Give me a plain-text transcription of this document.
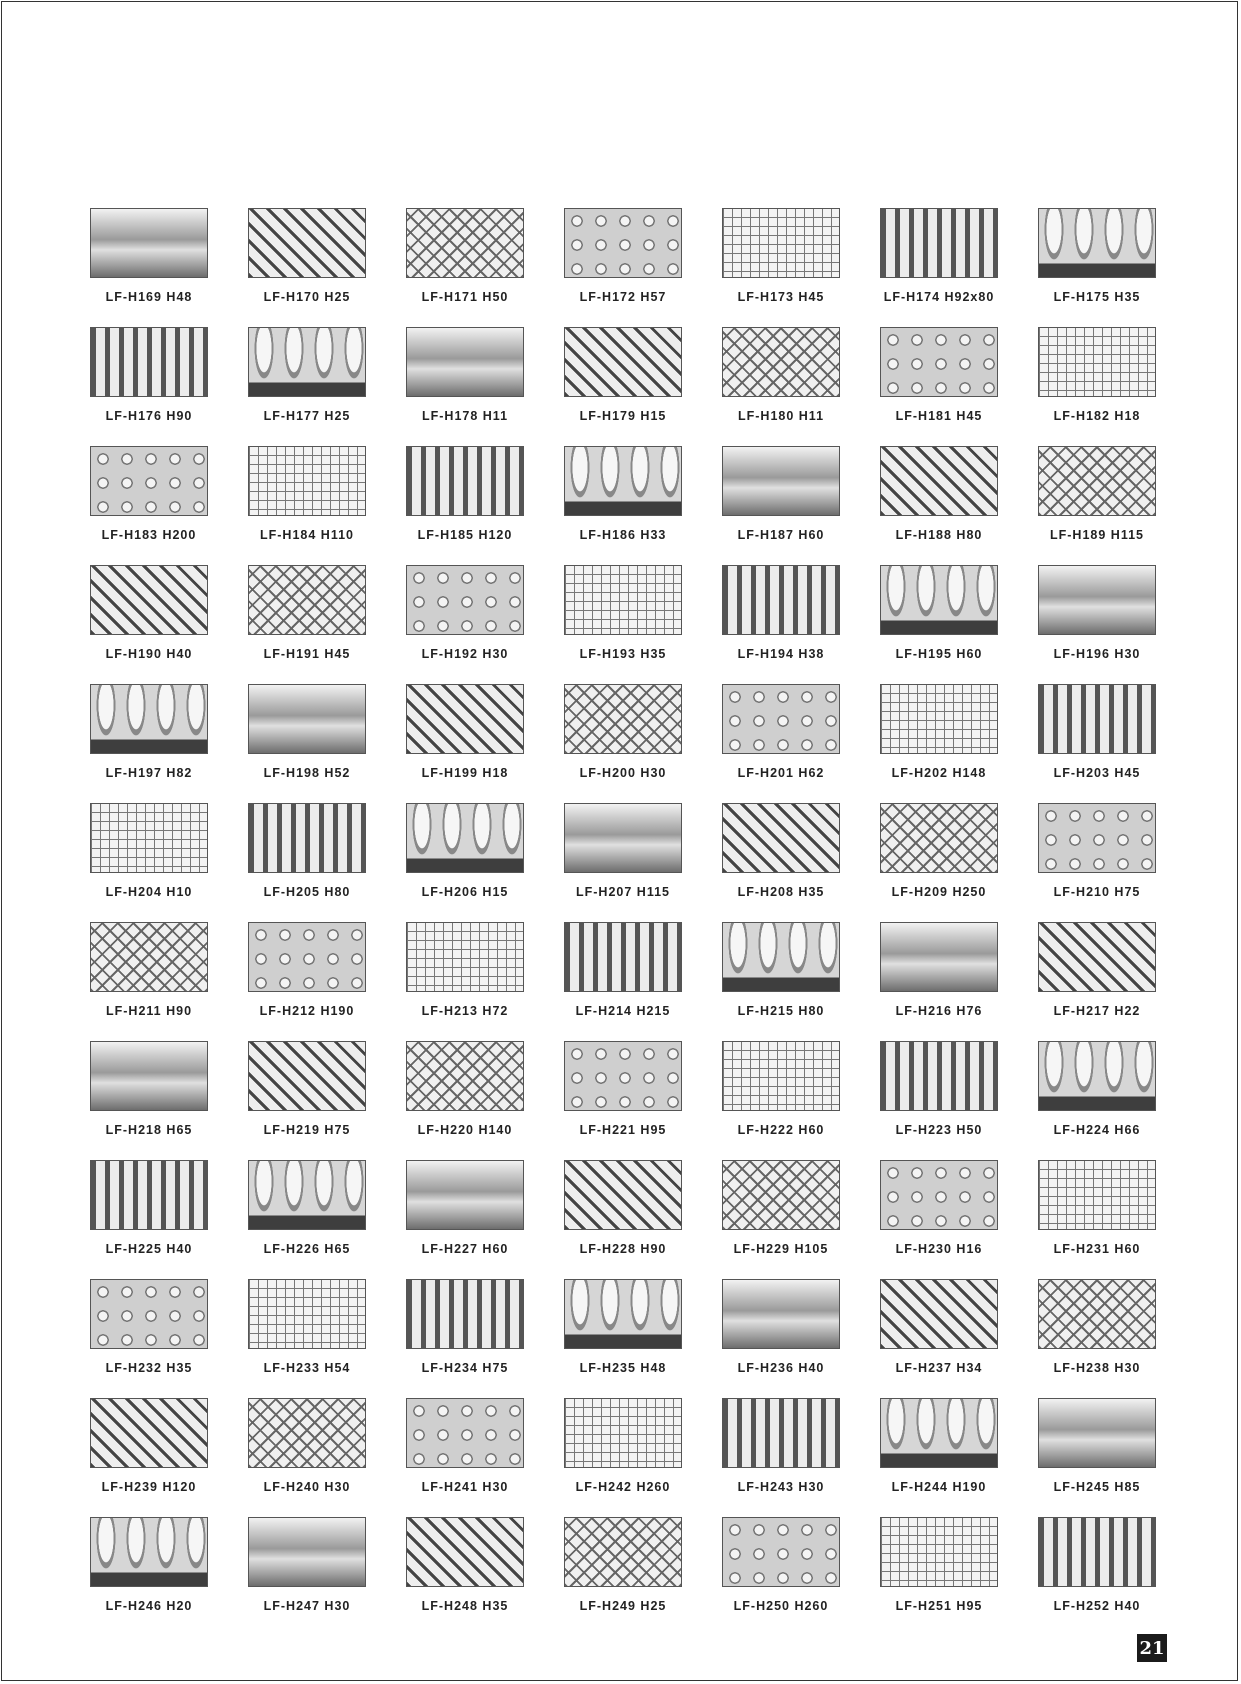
LF-H169 H48	LF-H170 H25	LF-H171 H50	LF-H172 H57	LF-H173 H45	LF-H174 H92x80	LF-H175 H35
LF-H176 H90	LF-H177 H25	LF-H178 H11	LF-H179 H15	LF-H180 H11	LF-H181 H45	LF-H182 H18
LF-H183 H200	LF-H184 H110	LF-H185 H120	LF-H186 H33	LF-H187 H60	LF-H188 H80	LF-H189 H115
LF-H190 H40	LF-H191 H45	LF-H192 H30	LF-H193 H35	LF-H194 H38	LF-H195 H60	LF-H196 H30
LF-H197 H82	LF-H198 H52	LF-H199 H18	LF-H200 H30	LF-H201 H62	LF-H202 H148	LF-H203 H45
LF-H204 H10	LF-H205 H80	LF-H206 H15	LF-H207 H115	LF-H208 H35	LF-H209 H250	LF-H210 H75
LF-H211 H90	LF-H212 H190	LF-H213 H72	LF-H214 H215	LF-H215 H80	LF-H216 H76	LF-H217 H22
LF-H218 H65	LF-H219 H75	LF-H220 H140	LF-H221 H95	LF-H222 H60	LF-H223 H50	LF-H224 H66
LF-H225 H40	LF-H226 H65	LF-H227 H60	LF-H228 H90	LF-H229 H105	LF-H230 H16	LF-H231 H60
LF-H232 H35	LF-H233 H54	LF-H234 H75	LF-H235 H48	LF-H236 H40	LF-H237 H34	LF-H238 H30
LF-H239 H120	LF-H240 H30	LF-H241 H30	LF-H242 H260	LF-H243 H30	LF-H244 H190	LF-H245 H85
LF-H246 H20	LF-H247 H30	LF-H248 H35	LF-H249 H25	LF-H250 H260	LF-H251 H95	LF-H252 H40
21
